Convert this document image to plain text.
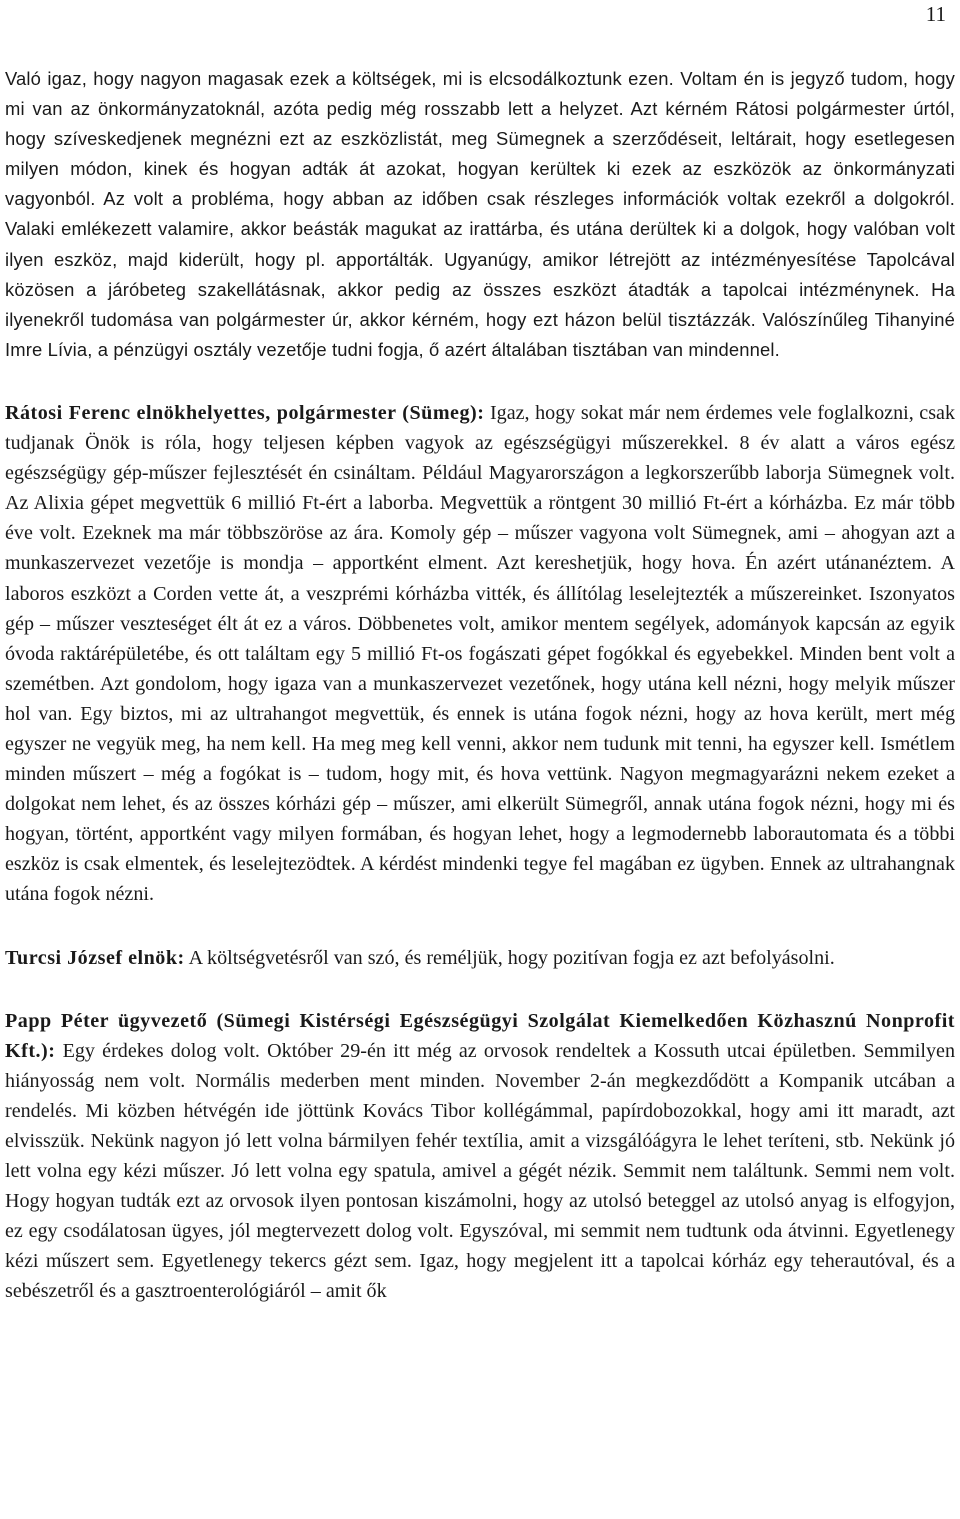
11

Való igaz, hogy nagyon magasak ezek a költségek, mi is elcsodálkoztunk ezen. Voltam én is jegyző tudom, hogy mi van az önkormányzatoknál, azóta pedig még rosszabb lett a helyzet. Azt kérném Rátosi polgármester úrtól, hogy szíveskedjenek megnézni ezt az eszközlistát, meg Sümegnek a szerződéseit, leltárait, hogy esetlegesen milyen módon, kinek és hogyan adták át azokat, hogyan kerültek ki ezek az eszközök az önkormányzati vagyonból. Az volt a probléma, hogy abban az időben csak részleges információk voltak ezekről a dolgokról. Valaki emlékezett valamire, akkor beásták magukat az irattárba, és utána derültek ki a dolgok, hogy valóban volt ilyen eszköz, majd kiderült, hogy pl. apportálták. Ugyanúgy, amikor létrejött az intézményesítése Tapolcával közösen a járóbeteg szakellátásnak, akkor pedig az összes eszközt átadták a tapolcai intézménynek. Ha ilyenekről tudomása van polgármester úr, akkor kérném, hogy ezt házon belül tisztázzák. Valószínűleg Tihanyiné Imre Lívia, a pénzügyi osztály vezetője tudni fogja, ő azért általában tisztában van mindennel.

Rátosi Ferenc elnökhelyettes, polgármester (Sümeg): Igaz, hogy sokat már nem érdemes vele foglalkozni, csak tudjanak Önök is róla, hogy teljesen képben vagyok az egészségügyi műszerekkel. 8 év alatt a város egész egészségügy gép-műszer fejlesztését én csináltam. Például Magyarországon a legkorszerűbb laborja Sümegnek volt. Az Alixia gépet megvettük 6 millió Ft-ért a laborba. Megvettük a röntgent 30 millió Ft-ért a kórházba. Ez már több éve volt. Ezeknek ma már többszöröse az ára. Komoly gép – műszer vagyona volt Sümegnek, ami – ahogyan azt a munkaszervezet vezetője is mondja – apportként elment. Azt kereshetjük, hogy hova. Én azért utánanéztem. A laboros eszközt a Corden vette át, a veszprémi kórházba vitték, és állítólag leselejtezték a műszereinket. Iszonyatos gép – műszer veszteséget élt át ez a város. Döbbenetes volt, amikor mentem segélyek, adományok kapcsán az egyik óvoda raktárépületébe, és ott találtam egy 5 millió Ft-os fogászati gépet fogókkal és egyebekkel. Minden bent volt a szemétben. Azt gondolom, hogy igaza van a munkaszervezet vezetőnek, hogy utána kell nézni, hogy melyik műszer hol van. Egy biztos, mi az ultrahangot megvettük, és ennek is utána fogok nézni, hogy az hova került, mert még egyszer ne vegyük meg, ha nem kell. Ha meg meg kell venni, akkor nem tudunk mit tenni, ha egyszer kell. Ismétlem minden műszert – még a fogókat is – tudom, hogy mit, és hova vettünk. Nagyon megmagyarázni nekem ezeket a dolgokat nem lehet, és az összes kórházi gép – műszer, ami elkerült Sümegről, annak utána fogok nézni, hogy mi és hogyan, történt, apportként vagy milyen formában, és hogyan lehet, hogy a legmodernebb laborautomata és a többi eszköz is csak elmentek, és leselejtezödtek. A kérdést mindenki tegye fel magában ez ügyben. Ennek az ultrahangnak utána fogok nézni.

Turcsi József elnök: A költségvetésről van szó, és reméljük, hogy pozitívan fogja ez azt befolyásolni.

Papp Péter ügyvezető (Sümegi Kistérségi Egészségügyi Szolgálat Kiemelkedően Közhasznú Nonprofit Kft.): Egy érdekes dolog volt. Október 29-én itt még az orvosok rendeltek a Kossuth utcai épületben. Semmilyen hiányosság nem volt. Normális mederben ment minden. November 2-án megkezdődött a Kompanik utcában a rendelés. Mi közben hétvégén ide jöttünk Kovács Tibor kollégámmal, papírdobozokkal, hogy ami itt maradt, azt elvisszük. Nekünk nagyon jó lett volna bármilyen fehér textília, amit a vizsgálóágyra le lehet teríteni, stb. Nekünk jó lett volna egy kézi műszer. Jó lett volna egy spatula, amivel a gégét nézik. Semmit nem találtunk. Semmi nem volt. Hogy hogyan tudták ezt az orvosok ilyen pontosan kiszámolni, hogy az utolsó beteggel az utolsó anyag is elfogyjon, ez egy csodálatosan ügyes, jól megtervezett dolog volt. Egyszóval, mi semmit nem tudtunk oda átvinni. Egyetlenegy kézi műszert sem. Egyetlenegy tekercs gézt sem. Igaz, hogy megjelent itt a tapolcai kórház egy teherautóval, és a sebészetről és a gasztroenterológiáról – amit ők
